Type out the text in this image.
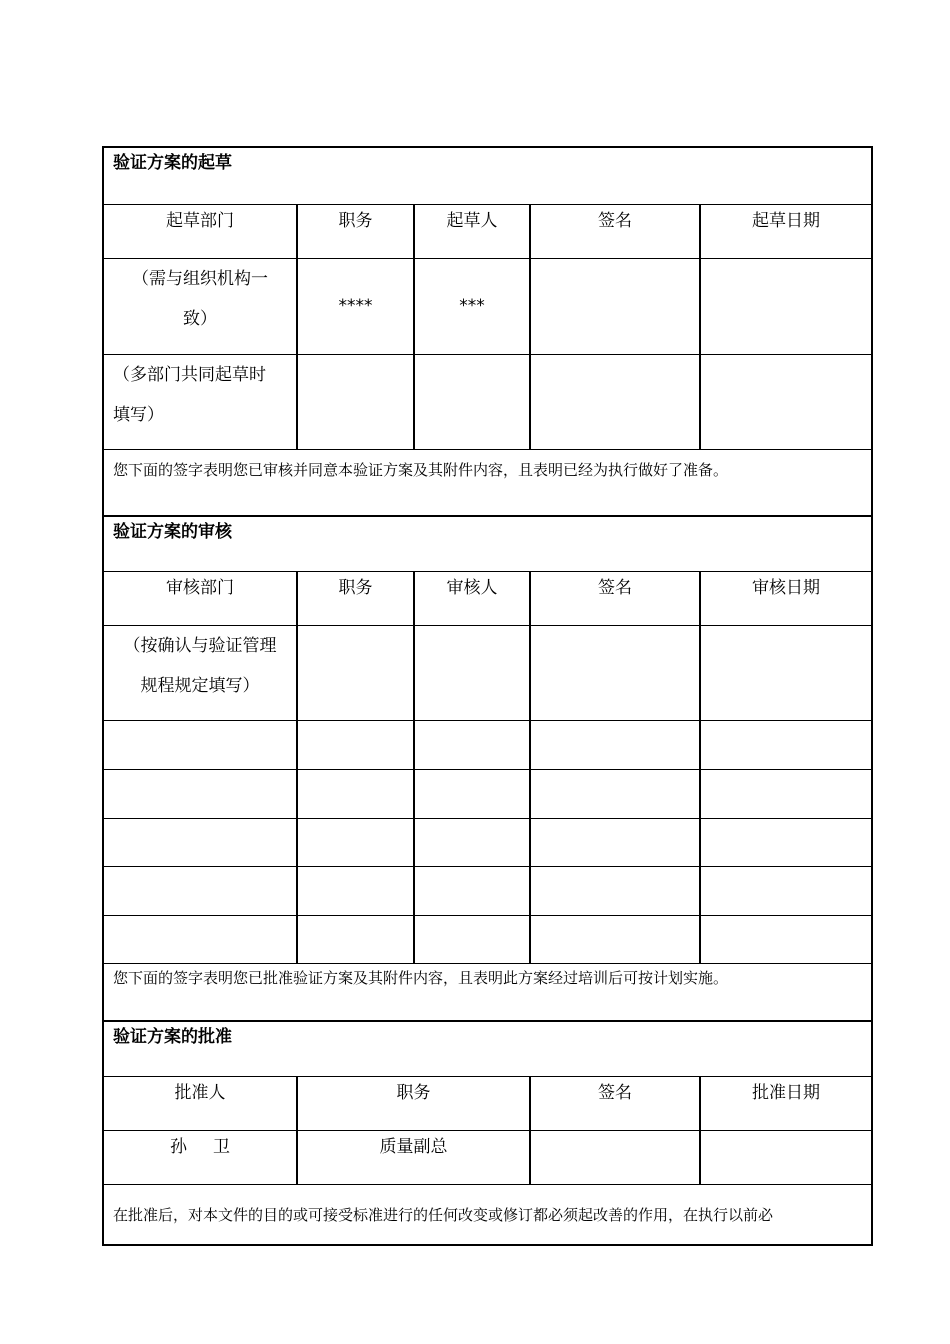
验证方案的起草				
起草部门	职务	起草人	签名	起草日期

（需与组织机构一
致）	****	***		

（多部门共同起草时
填写）				

您下面的签字表明您已审核并同意本验证方案及其附件内容，且表明已经为执行做好了准备。				
验证方案的审核				
审核部门	职务	审核人	签名	审核日期

（按确认与验证管理
规程规定填写）				

您下面的签字表明您已批准验证方案及其附件内容，且表明此方案经过培训后可按计划实施。				
验证方案的批准				
批准人	职务		签名	批准日期
孙 卫	质量副总			
在批准后，对本文件的目的或可接受标准进行的任何改变或修订都必须起改善的作用，在执行以前必				
